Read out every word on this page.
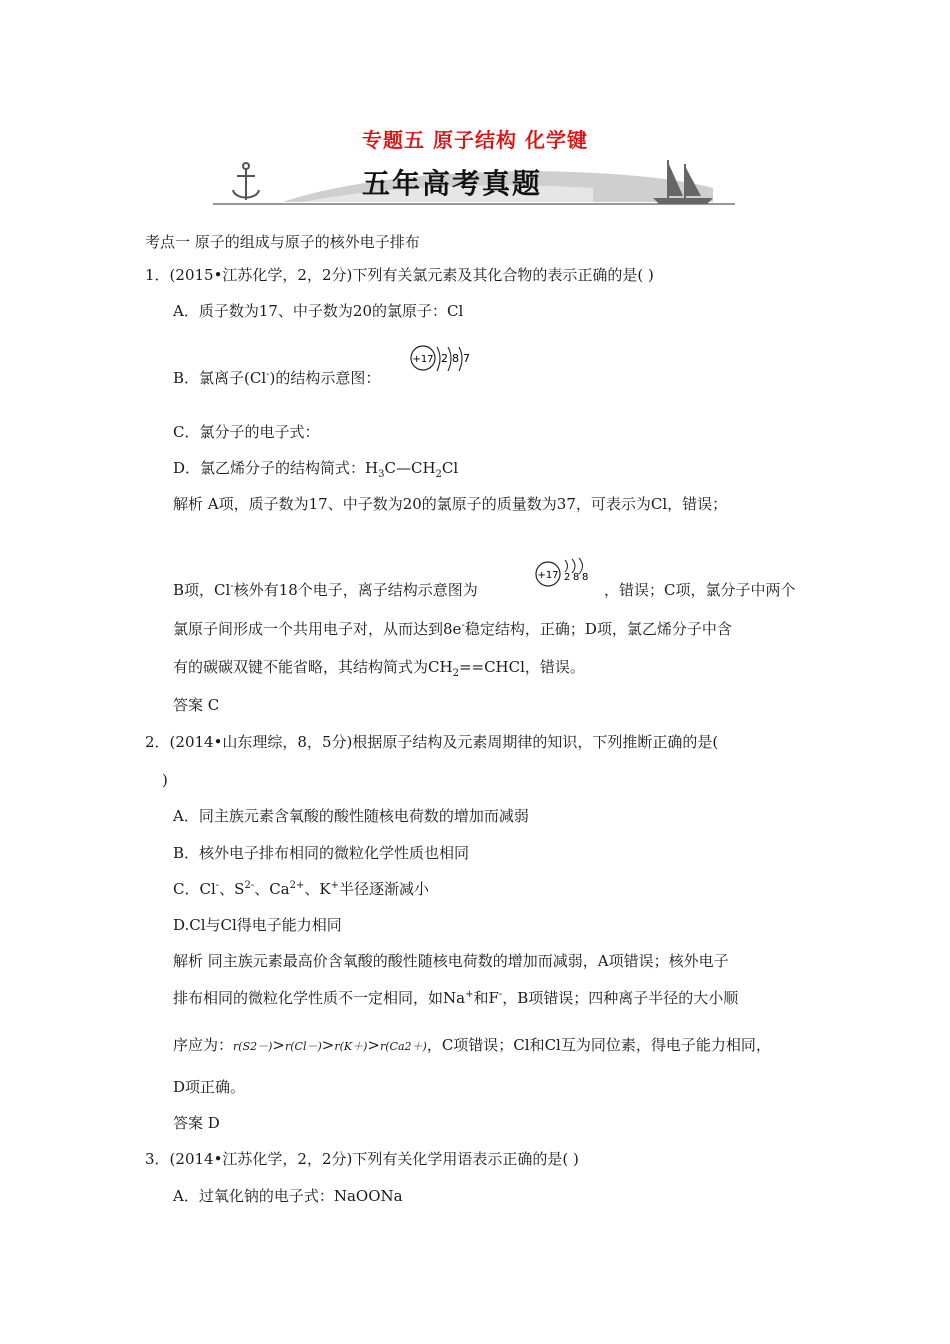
专题五 原子结构 化学键
五年高考真题
考点一 原子的组成与原子的核外电子排布
1．(2015•江苏化学，2，2分)下列有关氯元素及其化合物的表示正确的是( )
A．质子数为17、中子数为20的氯原子：Cl
+17 2 8 7
B．氯离子(Cl-)的结构示意图：
C．氯分子的电子式：
D．氯乙烯分子的结构简式：$H_3C—CH_2Cl$
解析 A项，质子数为17、中子数为20的氯原子的质量数为37，可表示为Cl，错误；
+17 2 8 8
B项，Cl-核外有18个电子，离子结构示意图为	，错误；C项，氯分子中两个
氯原子间形成一个共用电子对，从而达到8e-稳定结构，正确；D项，氯乙烯分子中含
有的碳碳双键不能省略，其结构简式为$CH_2==CHCl$，错误。
答案 C
2．(2014•山东理综，8，5分)根据原子结构及元素周期律的知识，下列推断正确的是(
)
A．同主族元素含氧酸的酸性随核电荷数的增加而减弱
B．核外电子排布相同的微粒化学性质也相同
C．Cl-、$S^{2-}$、$Ca^{2+}$、K+半径逐渐减小
D.Cl与Cl得电子能力相同
解析 同主族元素最高价含氧酸的酸性随核电荷数的增加而减弱，A项错误；核外电子
排布相同的微粒化学性质不一定相同，如Na+和F-，B项错误；四种离子半径的大小顺
序应为：r(S2－)>r(Cl－)>r(K＋)>r(Ca2＋)，C项错误；Cl和Cl互为同位素，得电子能力相同，
D项正确。
答案 D
3．(2014•江苏化学，2，2分)下列有关化学用语表示正确的是( )
A．过氧化钠的电子式：NaOONa
